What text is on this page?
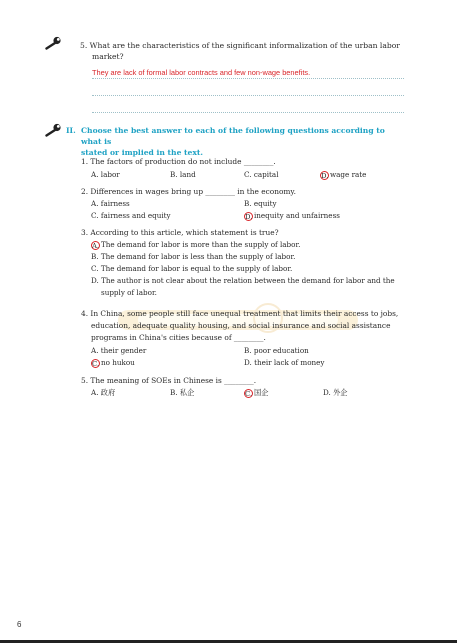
5. What are the characteristics of the significant informalization of the urban labor
market?
They are lack of formal labor contracts and few non-wage benefits.
II. Choose the best answer to each of the following questions according to what is
stated or implied in the text.
1. The factors of production do not include ________.
A. labor	B. land	C. capital	D. wage rate
2. Differences in wages bring up ________ in the economy.
A. fairness	B. equity
C. fairness and equity	D. inequity and unfairness
3. According to this article, which statement is true?
A. The demand for labor is more than the supply of labor.
B. The demand for labor is less than the supply of labor.
C. The demand for labor is equal to the supply of labor.
D. The author is not clear about the relation between the demand for labor and the
supply of labor.
4. In China, some people still face unequal treatment that limits their access to jobs,
education, adequate quality housing, and social insurance and social assistance
programs in China's cities because of ________.
A. their gender	B. poor education
C. no hukou	D. their lack of money
5. The meaning of SOEs in Chinese is ________.
A. 政府	B. 私企	C. 国企	D. 外企
6
